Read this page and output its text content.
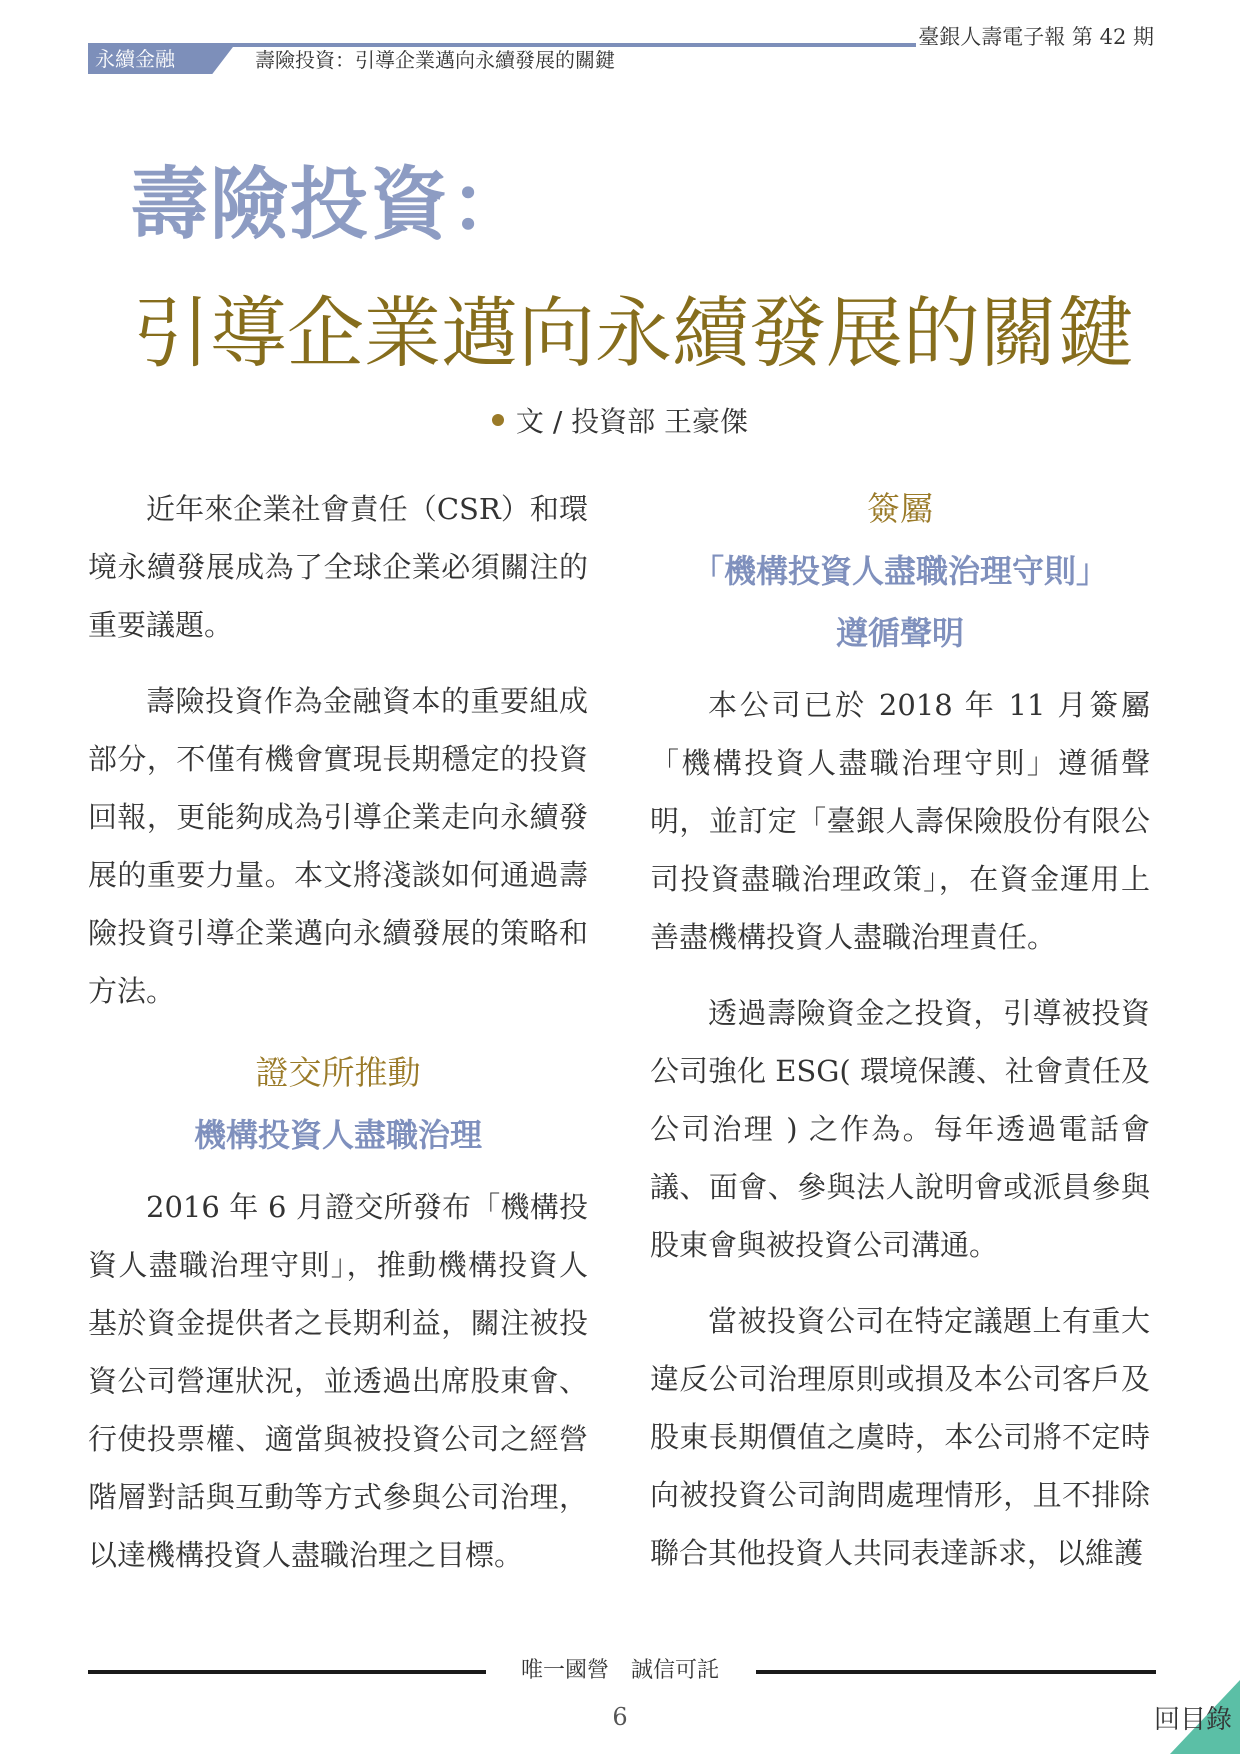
永續金融	壽險投資：引導企業邁向永續發展的關鍵
臺銀人壽電子報 第 42 期
壽險投資：
引導企業邁向永續發展的關鍵
文 / 投資部 王豪傑

近年來企業社會責任（CSR）和環境永續發展成為了全球企業必須關注的重要議題。

壽險投資作為金融資本的重要組成部分，不僅有機會實現長期穩定的投資回報，更能夠成為引導企業走向永續發展的重要力量。本文將淺談如何通過壽險投資引導企業邁向永續發展的策略和方法。

證交所推動
機構投資人盡職治理

2016 年 6 月證交所發布「機構投資人盡職治理守則」，推動機構投資人基於資金提供者之長期利益，關注被投資公司營運狀況，並透過出席股東會、行使投票權、適當與被投資公司之經營階層對話與互動等方式參與公司治理，以達機構投資人盡職治理之目標。

簽屬
「機構投資人盡職治理守則」
遵循聲明

本公司已於 2018 年 11 月簽屬「機構投資人盡職治理守則」遵循聲明，並訂定「臺銀人壽保險股份有限公司投資盡職治理政策」，在資金運用上善盡機構投資人盡職治理責任。

透過壽險資金之投資，引導被投資公司強化 ESG( 環境保護、社會責任及公司治理 ) 之作為。每年透過電話會議、面會、參與法人說明會或派員參與股東會與被投資公司溝通。

當被投資公司在特定議題上有重大違反公司治理原則或損及本公司客戶及股東長期價值之虞時，本公司將不定時向被投資公司詢問處理情形，且不排除聯合其他投資人共同表達訴求，以維護

唯一國營　誠信可託
6	回目錄
